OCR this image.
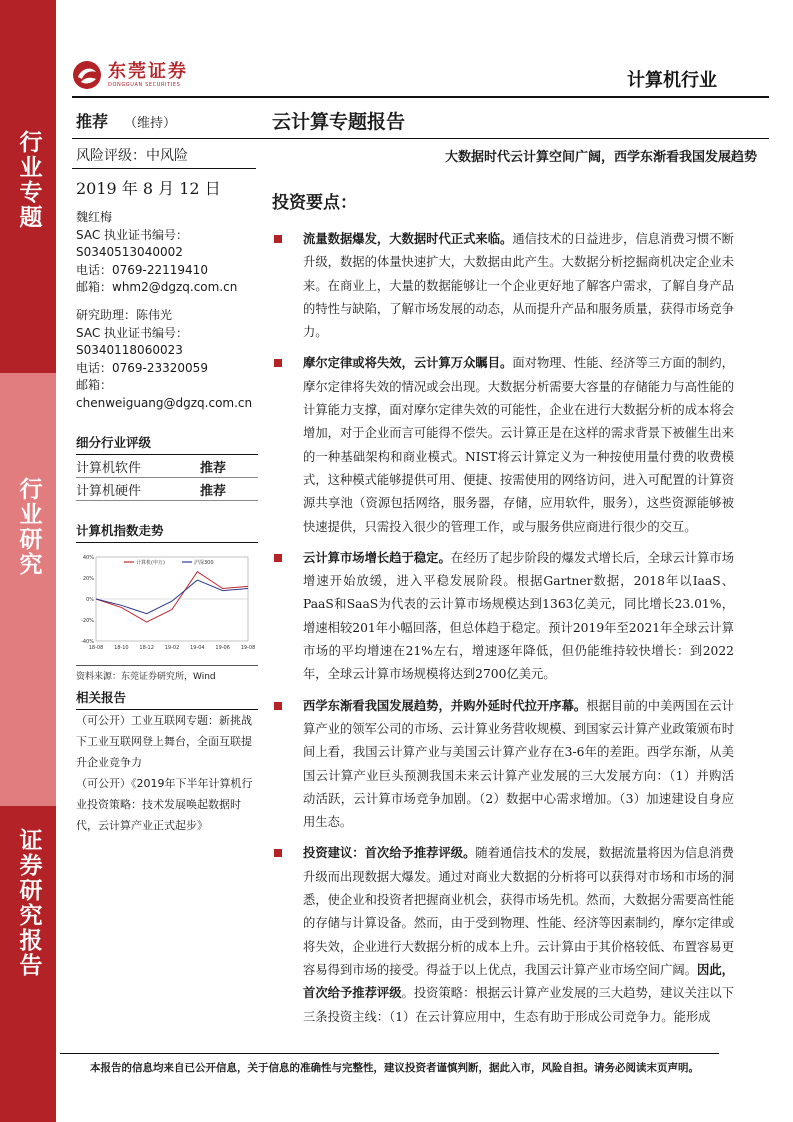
行业专题
行业研究
证券研究报告
东莞证券
DONGGUAN SECURITIES	计算机行业
推荐 （维持）	云计算专题报告
风险评级：中风险	大数据时代云计算空间广阔，西学东渐看我国发展趋势
2019 年 8 月 12 日
魏红梅
SAC 执业证书编号：
S0340513040002
电话：0769-22119410
邮箱：whm2@dgzq.com.cn
研究助理：陈伟光
SAC 执业证书编号：
S0340118060023
电话：0769-23320059
邮箱：
chenweiguang@dgzq.com.cn
细分行业评级
计算机软件	推荐
计算机硬件	推荐
计算机指数走势
40%
20%
0%
-20%
-40%
18-08 18-10 18-12 19-02 19-04 19-06 19-08
计算机(申万)	沪深300
资料来源：东莞证券研究所，Wind
相关报告
（可公开）工业互联网专题：新挑战下工业互联网登上舞台，全面互联提升企业竞争力
（可公开）《2019年下半年计算机行业投资策略：技术发展唤起数据时代，云计算产业正式起步》
投资要点：
流量数据爆发，大数据时代正式来临。通信技术的日益进步，信息消费习惯不断升级，数据的体量快速扩大，大数据由此产生。大数据分析挖掘商机决定企业未来。在商业上，大量的数据能够让一个企业更好地了解客户需求，了解自身产品的特性与缺陷，了解市场发展的动态，从而提升产品和服务质量，获得市场竞争力。
摩尔定律或将失效，云计算万众瞩目。面对物理、性能、经济等三方面的制约，摩尔定律将失效的情况或会出现。大数据分析需要大容量的存储能力与高性能的计算能力支撑，面对摩尔定律失效的可能性，企业在进行大数据分析的成本将会增加，对于企业而言可能得不偿失。云计算正是在这样的需求背景下被催生出来的一种基础架构和商业模式。NIST将云计算定义为一种按使用量付费的收费模式，这种模式能够提供可用、便捷、按需使用的网络访问，进入可配置的计算资源共享池（资源包括网络，服务器，存储，应用软件，服务），这些资源能够被快速提供，只需投入很少的管理工作，或与服务供应商进行很少的交互。
云计算市场增长趋于稳定。在经历了起步阶段的爆发式增长后，全球云计算市场增速开始放缓，进入平稳发展阶段。根据Gartner数据，2018年以IaaS、PaaS和SaaS为代表的云计算市场规模达到1363亿美元，同比增长23.01%，增速相较201年小幅回落，但总体趋于稳定。预计2019年至2021年全球云计算市场的平均增速在21%左右，增速逐年降低，但仍能维持较快增长：到2022年，全球云计算市场规模将达到2700亿美元。
西学东渐看我国发展趋势，并购外延时代拉开序幕。根据目前的中美两国在云计算产业的领军公司的市场、云计算业务营收规模、到国家云计算产业政策颁布时间上看，我国云计算产业与美国云计算产业存在3-6年的差距。西学东渐，从美国云计算产业巨头预测我国未来云计算产业发展的三大发展方向：（1）并购活动活跃，云计算市场竞争加剧。（2）数据中心需求增加。（3）加速建设自身应用生态。
投资建议：首次给予推荐评级。随着通信技术的发展，数据流量将因为信息消费升级而出现数据大爆发。通过对商业大数据的分析将可以获得对市场和市场的洞悉，使企业和投资者把握商业机会，获得市场先机。然而，大数据分需要高性能的存储与计算设备。然而，由于受到物理、性能、经济等因素制约，摩尔定律或将失效，企业进行大数据分析的成本上升。云计算由于其价格较低、布置容易更容易得到市场的接受。得益于以上优点，我国云计算产业市场空间广阔。因此，首次给予推荐评级。投资策略：根据云计算产业发展的三大趋势，建议关注以下三条投资主线：（1）在云计算应用中，生态有助于形成公司竞争力。能形成
本报告的信息均来自已公开信息，关于信息的准确性与完整性，建议投资者谨慎判断，据此入市，风险自担。请务必阅读末页声明。
